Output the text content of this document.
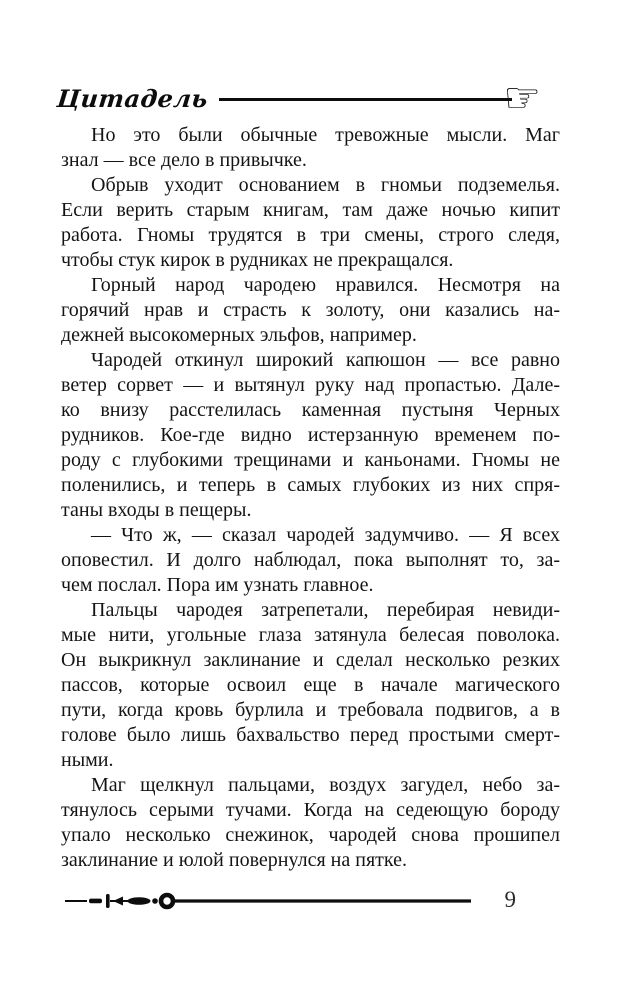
Цитадель	☞
Но это были обычные тревожные мысли. Маг
знал — все дело в привычке.
Обрыв уходит основанием в гномьи подземелья.
Если верить старым книгам, там даже ночью кипит
работа. Гномы трудятся в три смены, строго следя,
чтобы стук кирок в рудниках не прекращался.
Горный народ чародею нравился. Несмотря на
горячий нрав и страсть к золоту, они казались на-
дежней высокомерных эльфов, например.
Чародей откинул широкий капюшон — все равно
ветер сорвет — и вытянул руку над пропастью. Дале-
ко внизу расстелилась каменная пустыня Черных
рудников. Кое-где видно истерзанную временем по-
роду с глубокими трещинами и каньонами. Гномы не
поленились, и теперь в самых глубоких из них спря-
таны входы в пещеры.
— Что ж, — сказал чародей задумчиво. — Я всех
оповестил. И долго наблюдал, пока выполнят то, за-
чем послал. Пора им узнать главное.
Пальцы чародея затрепетали, перебирая невиди-
мые нити, угольные глаза затянула белесая поволока.
Он выкрикнул заклинание и сделал несколько резких
пассов, которые освоил еще в начале магического
пути, когда кровь бурлила и требовала подвигов, а в
голове было лишь бахвальство перед простыми смерт-
ными.
Маг щелкнул пальцами, воздух загудел, небо за-
тянулось серыми тучами. Когда на седеющую бороду
упало несколько снежинок, чародей снова прошипел
заклинание и юлой повернулся на пятке.
9
